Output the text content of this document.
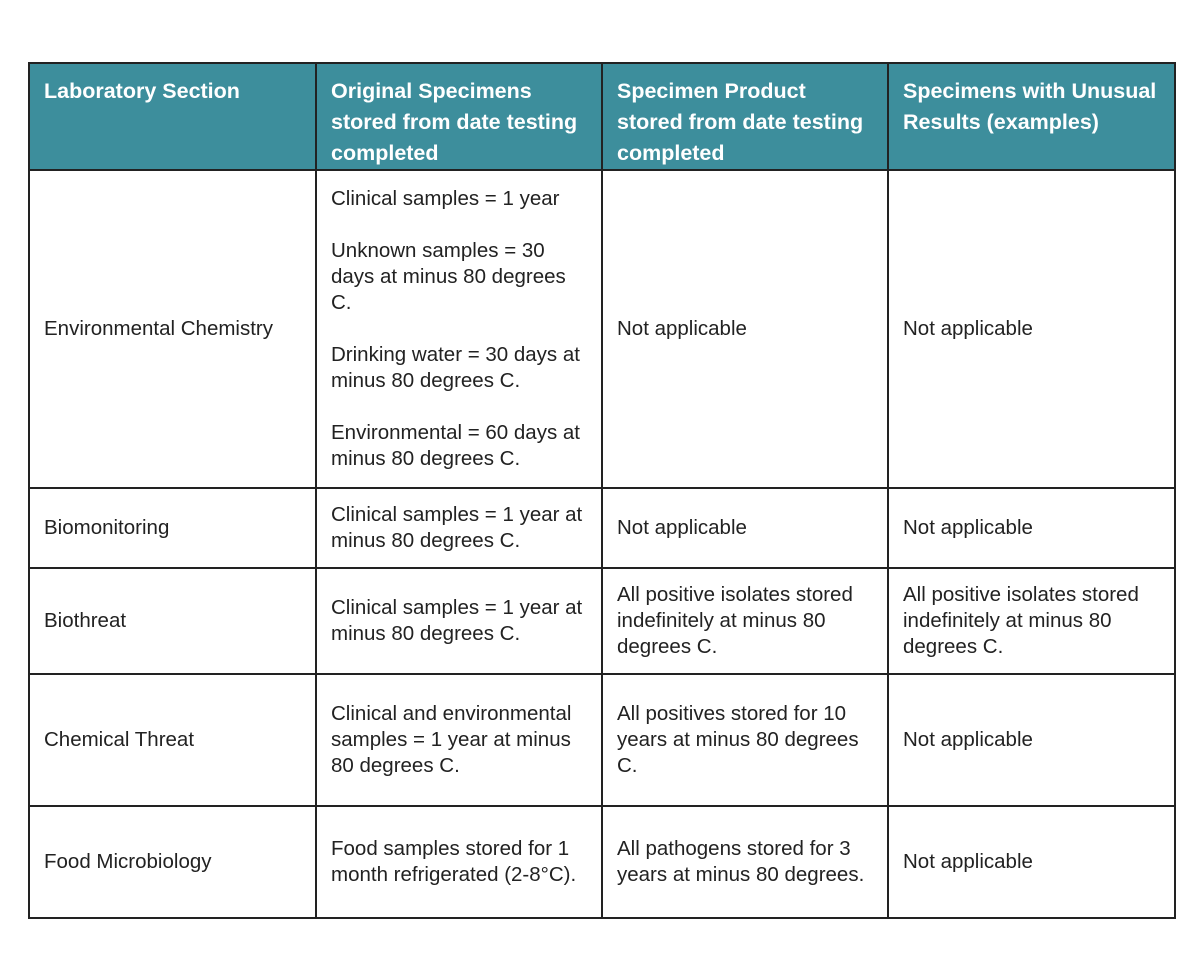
Laboratory Section	Original Specimens stored from date testing completed	Specimen Product stored from date testing completed	Specimens with Unusual Results (examples)
Environmental Chemistry	Clinical samples = 1 year

Unknown samples = 30 days at minus 80 degrees C.

Drinking water = 30 days at minus 80 degrees C.

Environmental = 60 days at minus 80 degrees C.	Not applicable	Not applicable
Biomonitoring	Clinical samples = 1 year at minus 80 degrees C.	Not applicable	Not applicable
Biothreat	Clinical samples = 1 year at minus 80 degrees C.	All positive isolates stored indefinitely at minus 80 degrees C.	All positive isolates stored indefinitely at minus 80 degrees C.
Chemical Threat	Clinical and environmental samples = 1 year at minus 80 degrees C.	All positives stored for 10 years at minus 80 degrees C.	Not applicable
Food Microbiology	Food samples stored for 1 month refrigerated (2-8°C).	All pathogens stored for 3 years at minus 80 degrees.	Not applicable
